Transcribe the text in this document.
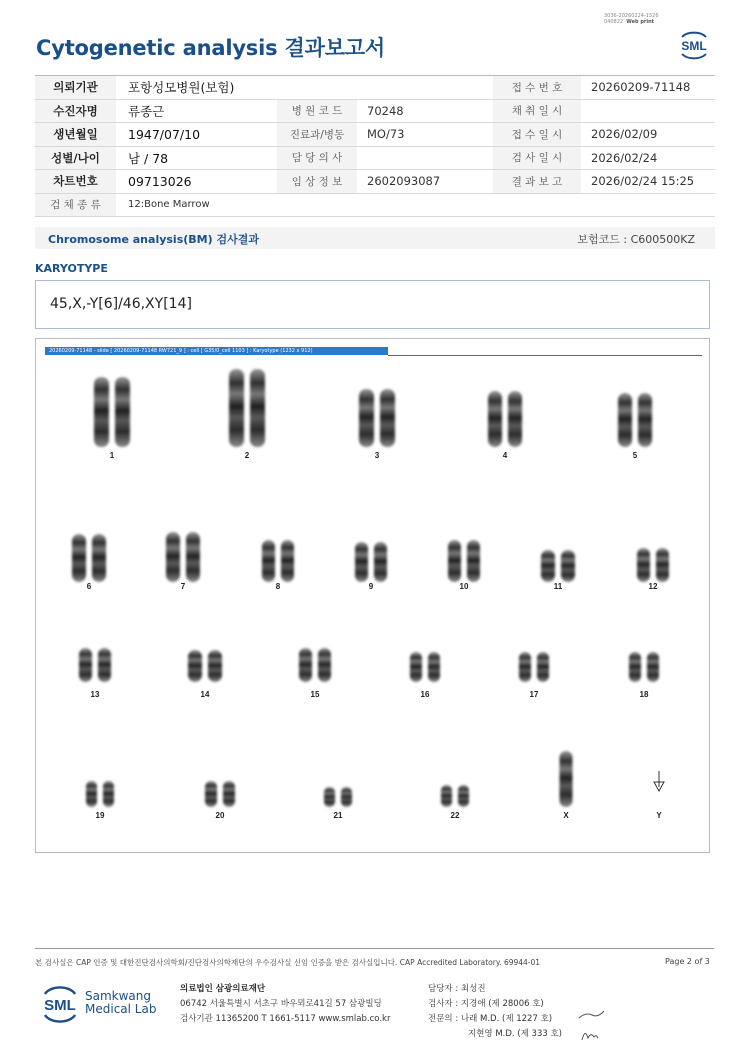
3036-20260224-1526
040822 Web print
Cytogenetic analysis 결과보고서	SML
의뢰기관	포항성모병원(보험)			접 수 번 호	20260209-71148
수진자명	류종근	병 원 코 드	70248	채 취 일 시	
생년월일	1947/07/10	진료과/병동	MO/73	접 수 일 시	2026/02/09
성별/나이	남 / 78	담 당 의 사		검 사 일 시	2026/02/24
차트번호	09713026	임 상 정 보	2602093087	결 과 보 고	2026/02/24 15:25
검 체 종 류	12:Bone Marrow				
Chromosome analysis(BM) 검사결과	보험코드 : C600500KZ
KARYOTYPE
45,X,-Y[6]/46,XY[14]
1	2	3	4	5
6	7	8	9	10	11	12
13	14	15	16	17	18
19	20	21	22	X	Y
20260209-71148 - slide [ 20260209-71148 RW721_9 ] : cell [ G35/0_cell 1103 ] : Karyotype (1232 x 912)
본 검사실은 CAP 인증 및 대한진단검사의학회/진단검사의학재단의 우수검사실 신임 인증을 받은 검사실입니다. CAP Accredited Laboratory. 69944-01	Page 2 of 3
SML
Samkwang
Medical Lab
의료법인 삼광의료재단
06742 서울특별시 서초구 바우뫼로41길 57 삼광빌딩
검사기관 11365200 T 1661-5117 www.smlab.co.kr
담당자 : 최성진
검사자 : 지경애 (제 28006 호)
전문의 : 나래 M.D. (제 1227 호)
지현영 M.D. (제 333 호)
